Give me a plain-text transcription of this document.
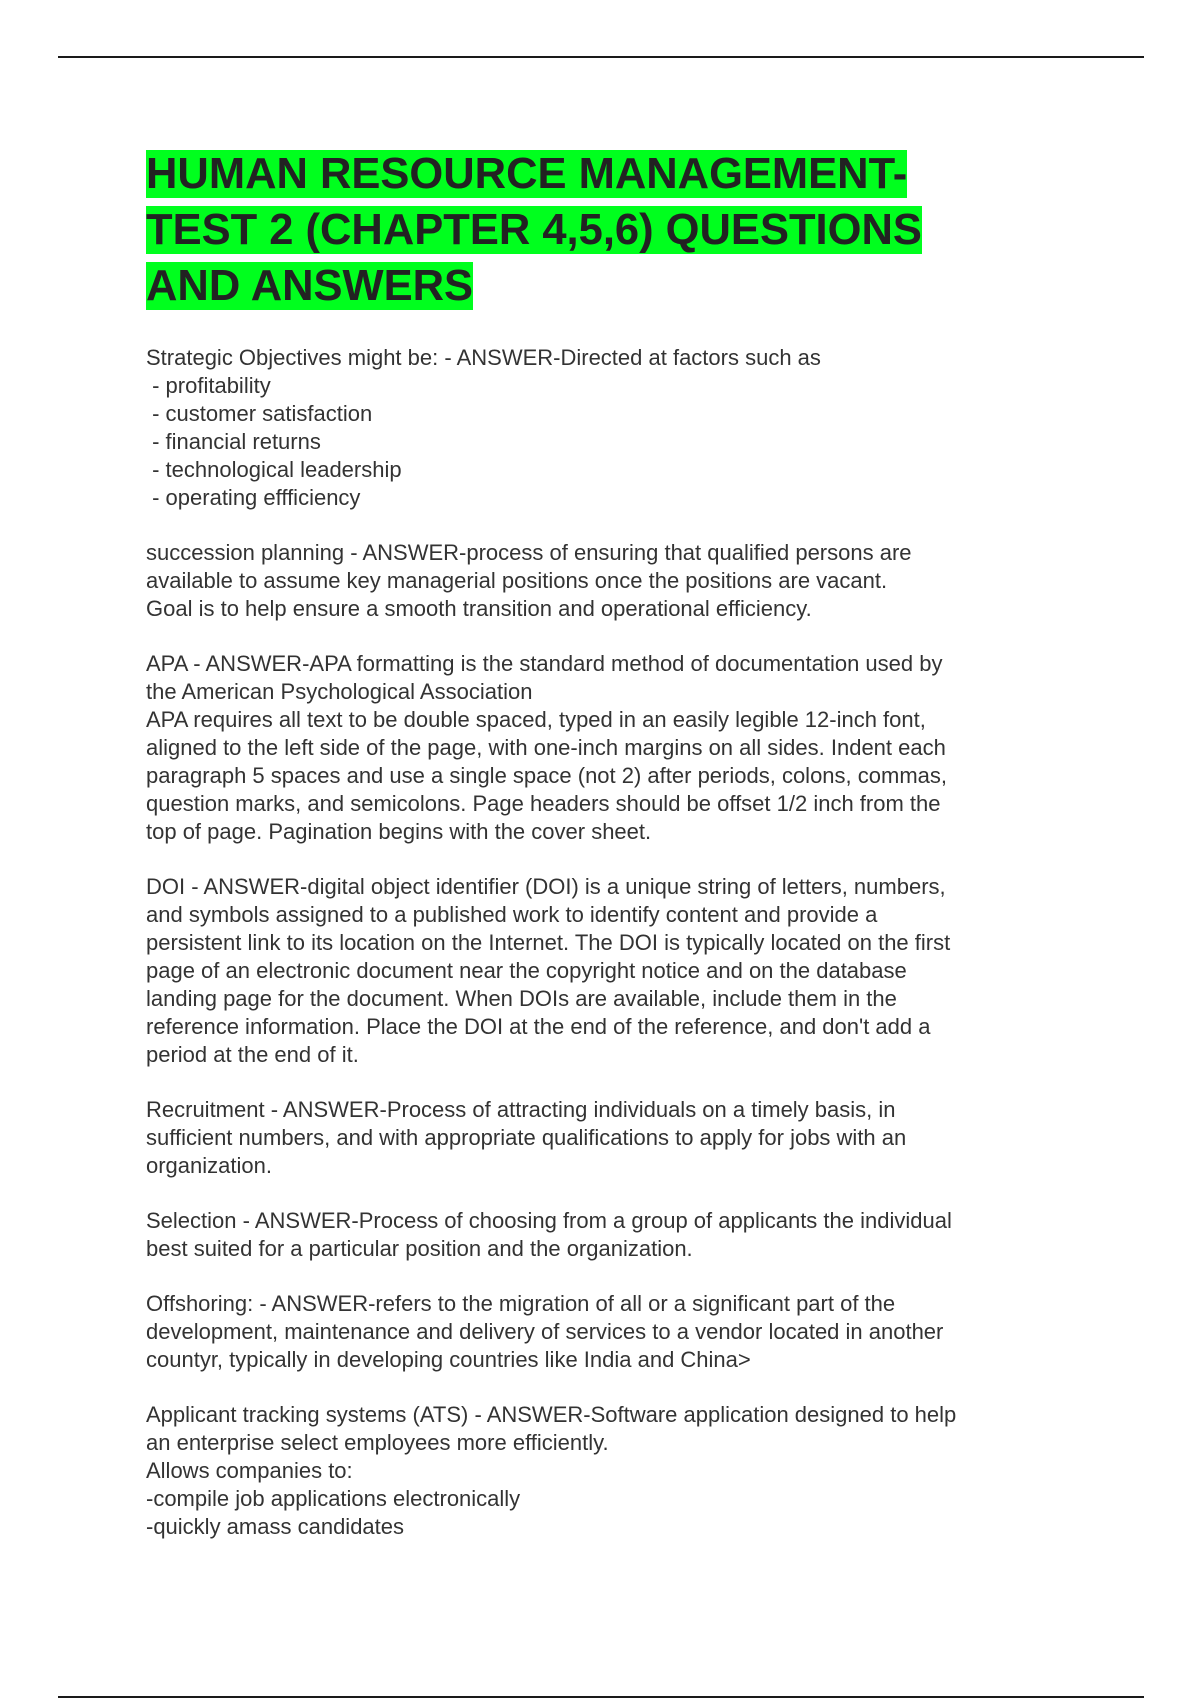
HUMAN RESOURCE MANAGEMENT-
TEST 2 (CHAPTER 4,5,6) QUESTIONS
AND ANSWERS

Strategic Objectives might be: - ANSWER-Directed at factors such as
- profitability
- customer satisfaction
- financial returns
- technological leadership
- operating effficiency

succession planning - ANSWER-process of ensuring that qualified persons are
available to assume key managerial positions once the positions are vacant.
Goal is to help ensure a smooth transition and operational efficiency.

APA - ANSWER-APA formatting is the standard method of documentation used by
the American Psychological Association
APA requires all text to be double spaced, typed in an easily legible 12-inch font,
aligned to the left side of the page, with one-inch margins on all sides. Indent each
paragraph 5 spaces and use a single space (not 2) after periods, colons, commas,
question marks, and semicolons. Page headers should be offset 1/2 inch from the
top of page. Pagination begins with the cover sheet.

DOI - ANSWER-digital object identifier (DOI) is a unique string of letters, numbers,
and symbols assigned to a published work to identify content and provide a
persistent link to its location on the Internet. The DOI is typically located on the first
page of an electronic document near the copyright notice and on the database
landing page for the document. When DOIs are available, include them in the
reference information. Place the DOI at the end of the reference, and don't add a
period at the end of it.

Recruitment - ANSWER-Process of attracting individuals on a timely basis, in
sufficient numbers, and with appropriate qualifications to apply for jobs with an
organization.

Selection - ANSWER-Process of choosing from a group of applicants the individual
best suited for a particular position and the organization.

Offshoring: - ANSWER-refers to the migration of all or a significant part of the
development, maintenance and delivery of services to a vendor located in another
countyr, typically in developing countries like India and China>

Applicant tracking systems (ATS) - ANSWER-Software application designed to help
an enterprise select employees more efficiently.
Allows companies to:
-compile job applications electronically
-quickly amass candidates
